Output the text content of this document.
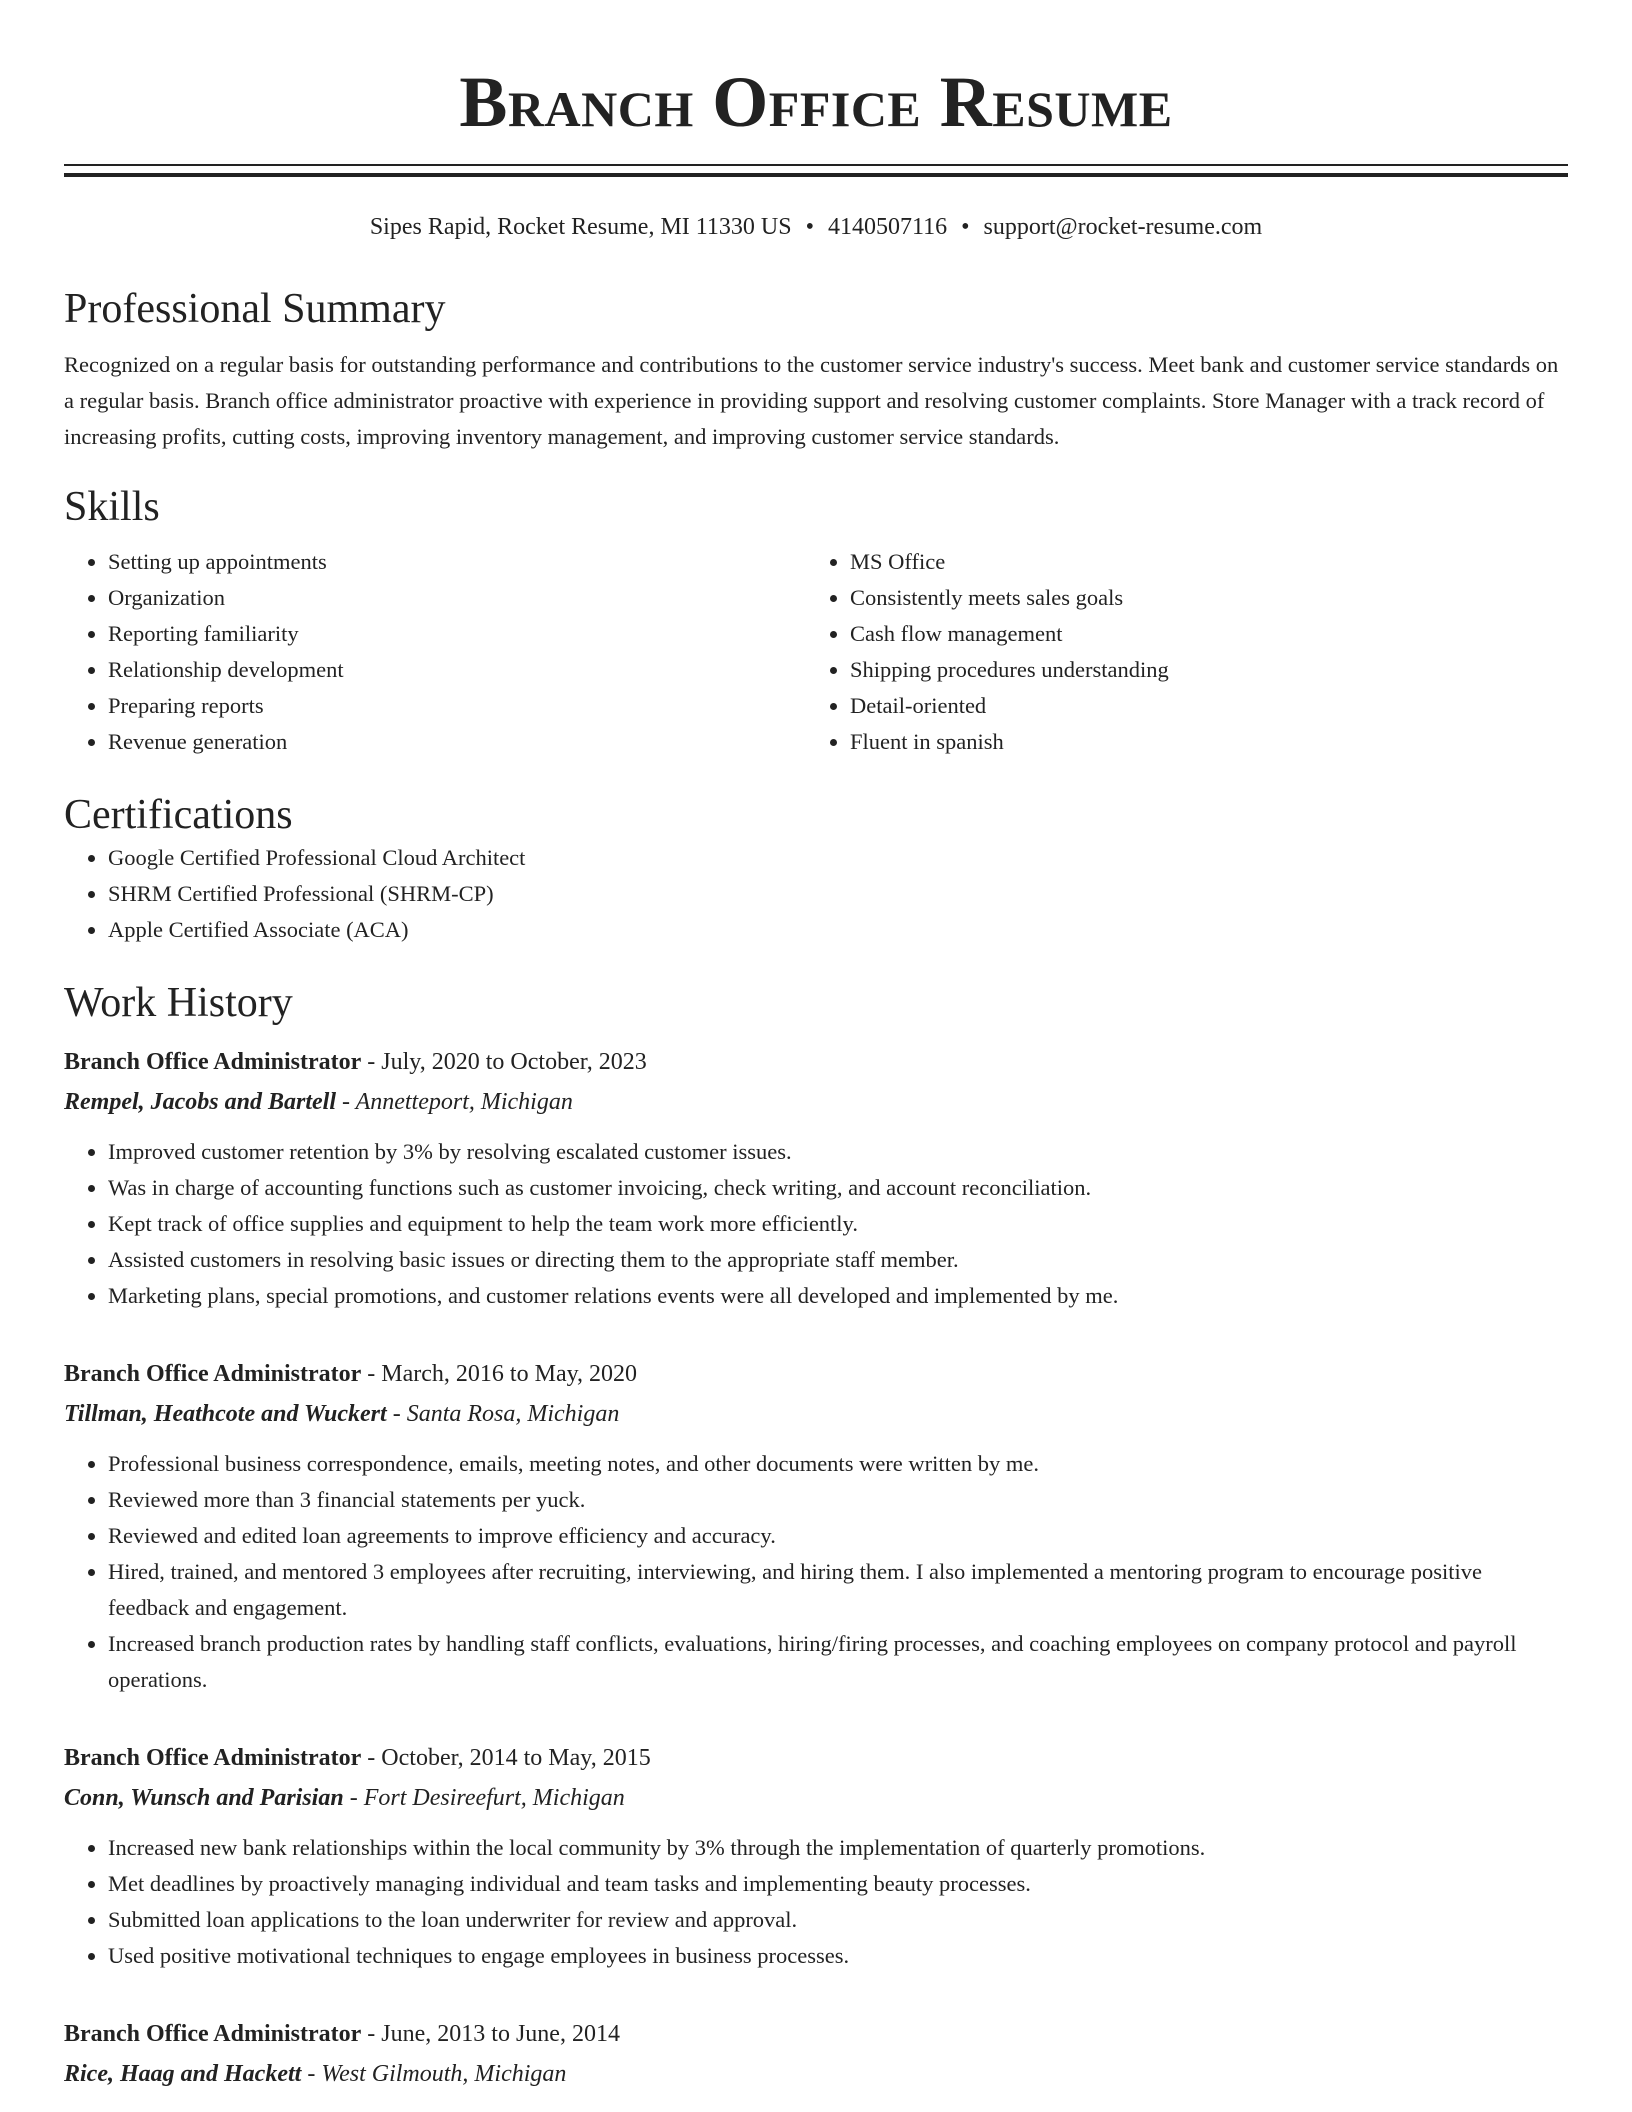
Branch Office Resume
Sipes Rapid, Rocket Resume, MI 11330 US • 4140507116 • support@rocket-resume.com
Professional Summary

Recognized on a regular basis for outstanding performance and contributions to the customer service industry's success. Meet bank and customer service standards on a regular basis. Branch office administrator proactive with experience in providing support and resolving customer complaints. Store Manager with a track record of increasing profits, cutting costs, improving inventory management, and improving customer service standards.

Skills
• Setting up appointments
• Organization
• Reporting familiarity
• Relationship development
• Preparing reports
• Revenue generation
• MS Office
• Consistently meets sales goals
• Cash flow management
• Shipping procedures understanding
• Detail-oriented
• Fluent in spanish
Certifications
• Google Certified Professional Cloud Architect
• SHRM Certified Professional (SHRM-CP)
• Apple Certified Associate (ACA)
Work History
Branch Office Administrator - July, 2020 to October, 2023
Rempel, Jacobs and Bartell - Annetteport, Michigan
• Improved customer retention by 3% by resolving escalated customer issues.
• Was in charge of accounting functions such as customer invoicing, check writing, and account reconciliation.
• Kept track of office supplies and equipment to help the team work more efficiently.
• Assisted customers in resolving basic issues or directing them to the appropriate staff member.
• Marketing plans, special promotions, and customer relations events were all developed and implemented by me.
Branch Office Administrator - March, 2016 to May, 2020
Tillman, Heathcote and Wuckert - Santa Rosa, Michigan
• Professional business correspondence, emails, meeting notes, and other documents were written by me.
• Reviewed more than 3 financial statements per yuck.
• Reviewed and edited loan agreements to improve efficiency and accuracy.
• Hired, trained, and mentored 3 employees after recruiting, interviewing, and hiring them. I also implemented a mentoring program to encourage positive feedback and engagement.
• Increased branch production rates by handling staff conflicts, evaluations, hiring/firing processes, and coaching employees on company protocol and payroll operations.
Branch Office Administrator - October, 2014 to May, 2015
Conn, Wunsch and Parisian - Fort Desireefurt, Michigan
• Increased new bank relationships within the local community by 3% through the implementation of quarterly promotions.
• Met deadlines by proactively managing individual and team tasks and implementing beauty processes.
• Submitted loan applications to the loan underwriter for review and approval.
• Used positive motivational techniques to engage employees in business processes.
Branch Office Administrator - June, 2013 to June, 2014
Rice, Haag and Hackett - West Gilmouth, Michigan
